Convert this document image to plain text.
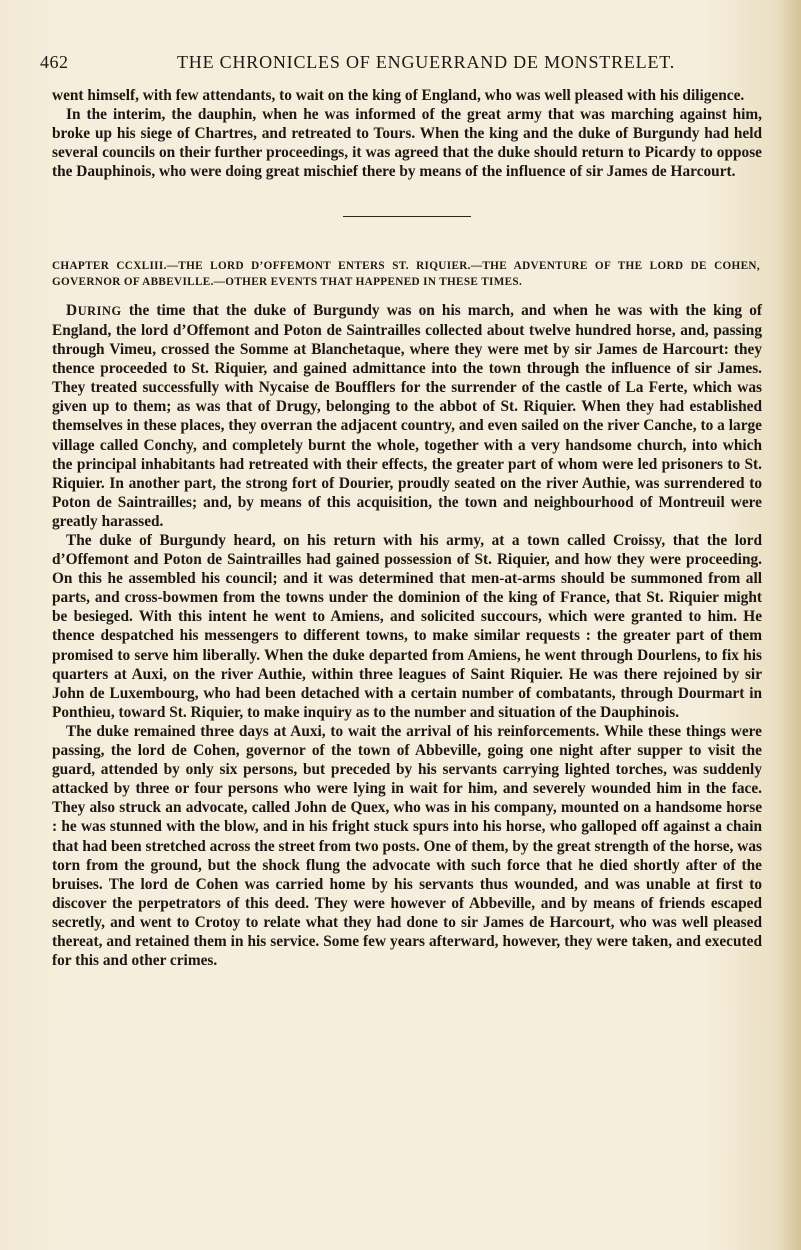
462	THE CHRONICLES OF ENGUERRAND DE MONSTRELET.

went himself, with few attendants, to wait on the king of England, who was well pleased with his diligence.

In the interim, the dauphin, when he was informed of the great army that was marching against him, broke up his siege of Chartres, and retreated to Tours. When the king and the duke of Burgundy had held several councils on their further proceedings, it was agreed that the duke should return to Picardy to oppose the Dauphinois, who were doing great mischief there by means of the influence of sir James de Harcourt.

CHAPTER CCXLIII.—THE LORD D’OFFEMONT ENTERS ST. RIQUIER.—THE ADVENTURE OF THE LORD DE COHEN, GOVERNOR OF ABBEVILLE.—OTHER EVENTS THAT HAPPENED IN THESE TIMES.

DURING the time that the duke of Burgundy was on his march, and when he was with the king of England, the lord d’Offemont and Poton de Saintrailles collected about twelve hundred horse, and, passing through Vimeu, crossed the Somme at Blanchetaque, where they were met by sir James de Harcourt: they thence proceeded to St. Riquier, and gained admittance into the town through the influence of sir James. They treated successfully with Nycaise de Boufflers for the surrender of the castle of La Ferte, which was given up to them; as was that of Drugy, belonging to the abbot of St. Riquier. When they had established themselves in these places, they overran the adjacent country, and even sailed on the river Canche, to a large village called Conchy, and completely burnt the whole, together with a very handsome church, into which the principal inhabitants had retreated with their effects, the greater part of whom were led prisoners to St. Riquier. In another part, the strong fort of Dourier, proudly seated on the river Authie, was surrendered to Poton de Saintrailles; and, by means of this acquisition, the town and neighbourhood of Montreuil were greatly harassed.

The duke of Burgundy heard, on his return with his army, at a town called Croissy, that the lord d’Offemont and Poton de Saintrailles had gained possession of St. Riquier, and how they were proceeding. On this he assembled his council; and it was determined that men-at-arms should be summoned from all parts, and cross-bowmen from the towns under the dominion of the king of France, that St. Riquier might be besieged. With this intent he went to Amiens, and solicited succours, which were granted to him. He thence despatched his messengers to different towns, to make similar requests : the greater part of them promised to serve him liberally. When the duke departed from Amiens, he went through Dourlens, to fix his quarters at Auxi, on the river Authie, within three leagues of Saint Riquier. He was there rejoined by sir John de Luxembourg, who had been detached with a certain number of combatants, through Dourmart in Ponthieu, toward St. Riquier, to make inquiry as to the number and situation of the Dauphinois.

The duke remained three days at Auxi, to wait the arrival of his reinforcements. While these things were passing, the lord de Cohen, governor of the town of Abbeville, going one night after supper to visit the guard, attended by only six persons, but preceded by his servants carrying lighted torches, was suddenly attacked by three or four persons who were lying in wait for him, and severely wounded him in the face. They also struck an advocate, called John de Quex, who was in his company, mounted on a handsome horse : he was stunned with the blow, and in his fright stuck spurs into his horse, who galloped off against a chain that had been stretched across the street from two posts. One of them, by the great strength of the horse, was torn from the ground, but the shock flung the advocate with such force that he died shortly after of the bruises. The lord de Cohen was carried home by his servants thus wounded, and was unable at first to discover the perpetrators of this deed. They were however of Abbeville, and by means of friends escaped secretly, and went to Crotoy to relate what they had done to sir James de Harcourt, who was well pleased thereat, and retained them in his service. Some few years afterward, however, they were taken, and executed for this and other crimes.
